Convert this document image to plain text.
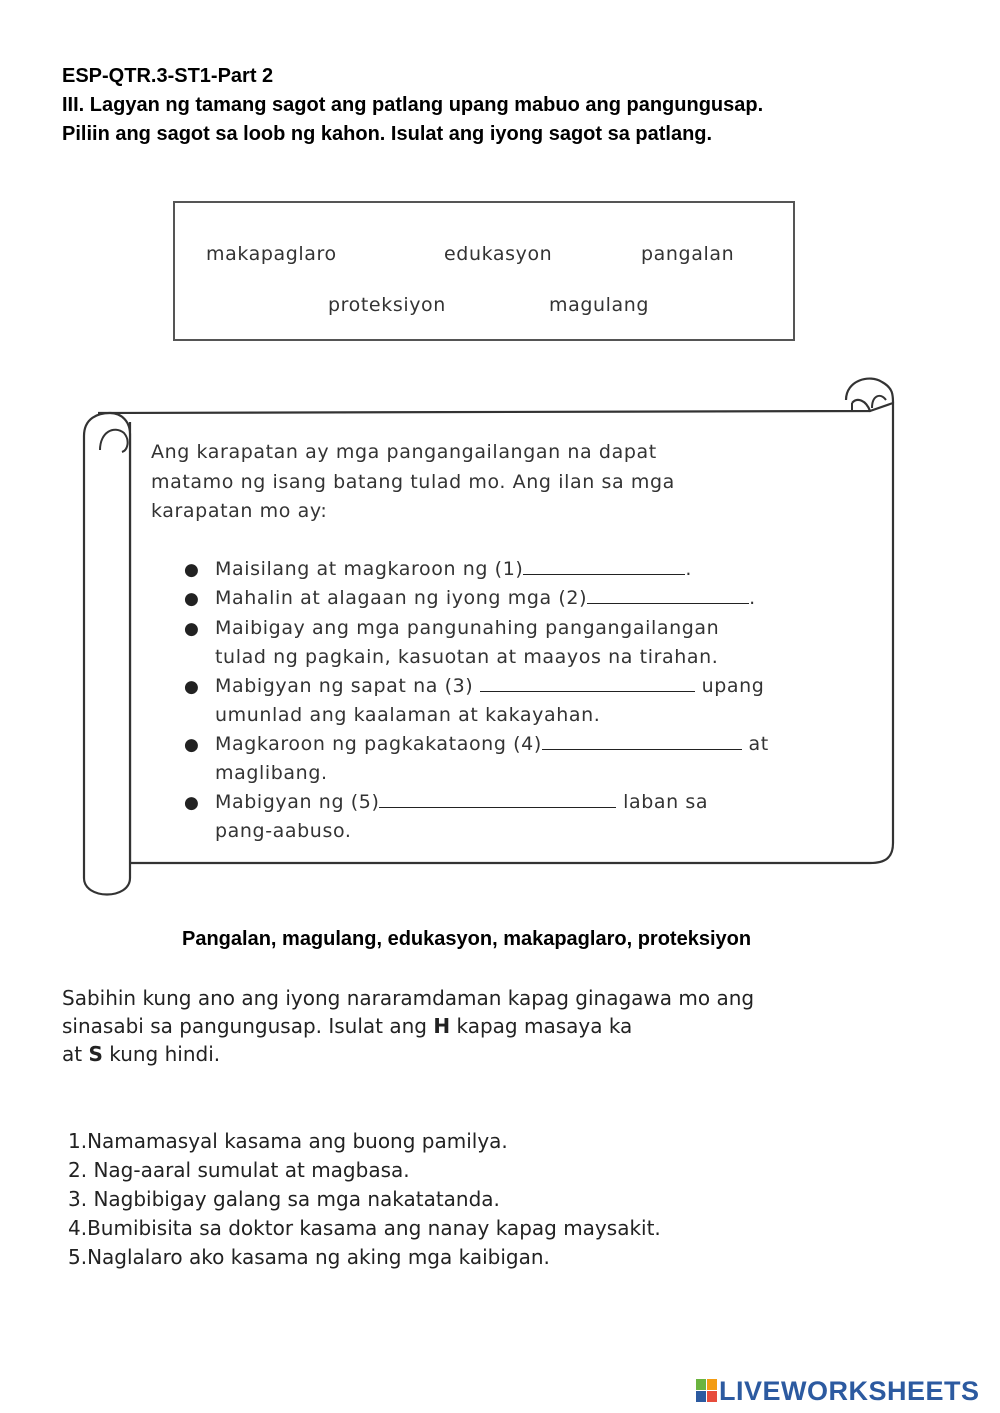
ESP-QTR.3-ST1-Part 2
III. Lagyan ng tamang sagot ang patlang upang mabuo ang pangungusap.
Piliin ang sagot sa loob ng kahon. Isulat ang iyong sagot sa patlang.
makapaglaro	edukasyon	pangalan
proteksiyon	magulang
Ang karapatan ay mga pangangailangan na dapat
matamo ng isang batang tulad mo. Ang ilan sa mga
karapatan mo ay:
● Maisilang at magkaroon ng (1)	.
● Mahalin at alagaan ng iyong mga (2)	.
● Maibigay ang mga pangunahing pangangailangan
tulad ng pagkain, kasuotan at maayos na tirahan.
● Mabigyan ng sapat na (3)	upang
umunlad ang kaalaman at kakayahan.
● Magkaroon ng pagkakataong (4)	at
maglibang.
● Mabigyan ng (5)	laban sa
pang-aabuso.
Pangalan, magulang, edukasyon, makapaglaro, proteksiyon
Sabihin kung ano ang iyong nararamdaman kapag ginagawa mo ang
sinasabi sa pangungusap. Isulat ang H kapag masaya ka
at S kung hindi.
1.Namamasyal kasama ang buong pamilya.
2. Nag-aaral sumulat at magbasa.
3. Nagbibigay galang sa mga nakatatanda.
4.Bumibisita sa doktor kasama ang nanay kapag maysakit.
5.Naglalaro ako kasama ng aking mga kaibigan.
LIVEWORKSHEETS
